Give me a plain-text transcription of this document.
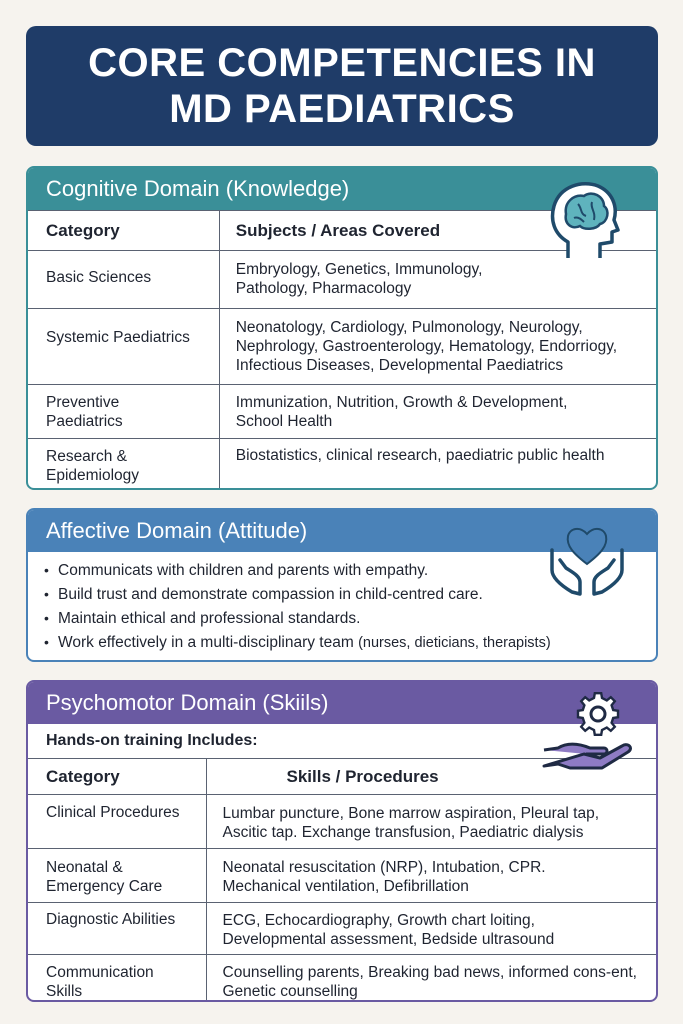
CORE COMPETENCIES IN MD PAEDIATRICS
Cognitive Domain (Knowledge)
Category	Subjects / Areas Covered
Basic Sciences	Embryology, Genetics, Immunology, Pathology, Pharmacology

Systemic Paediatrics	Neonatology, Cardiology, Pulmonology, Neurology, Nephrology, Gastroenterology, Hematology, Endorriogy, Infectious Diseases, Developmental Paediatrics

Preventive Paediatrics	Immunization, Nutrition, Growth & Development, School Health

Research & Epidemiology	Biostatistics, clinical research, paediatric public health
Affective Domain (Attitude)
• Communicats with children and parents with empathy.
• Build trust and demonstrate compassion in child-centred care.
• Maintain ethical and professional standards.
• Work effectively in a multi-disciplinary team (nurses, dieticians, therapists)
Psychomotor Domain (Skiils)
Hands-on training Includes:
Category	Skills / Procedures
Clinical Procedures	Lumbar puncture, Bone marrow aspiration, Pleural tap, Ascitic tap. Exchange transfusion, Paediatric dialysis

Neonatal & Emergency Care	Neonatal resuscitation (NRP), Intubation, CPR. Mechanical ventilation, Defibrillation

Diagnostic Abilities	ECG, Echocardiography, Growth chart loiting, Developmental assessment, Bedside ultrasound

Communication Skills	Counselling parents, Breaking bad news, informed cons-ent, Genetic counselling
